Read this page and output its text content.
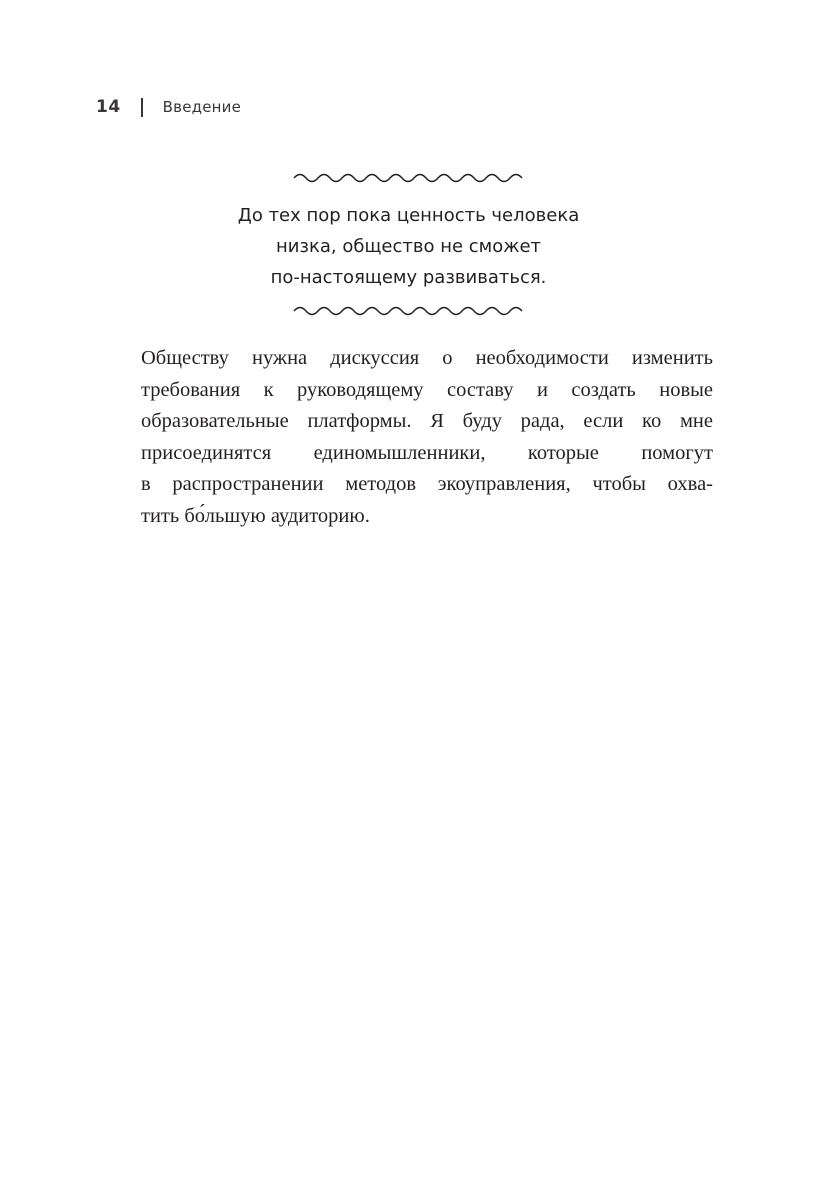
14	Введение
До тех пор пока ценность человека
низка, общество не сможет
по-настоящему развиваться.
Обществу нужна дискуссия о необходимости изменить
требования к руководящему составу и создать новые
образовательные платформы. Я буду рада, если ко мне
присоединятся единомышленники, которые помогут
в распространении методов экоуправления, чтобы охва-
тить бо́льшую аудиторию.
